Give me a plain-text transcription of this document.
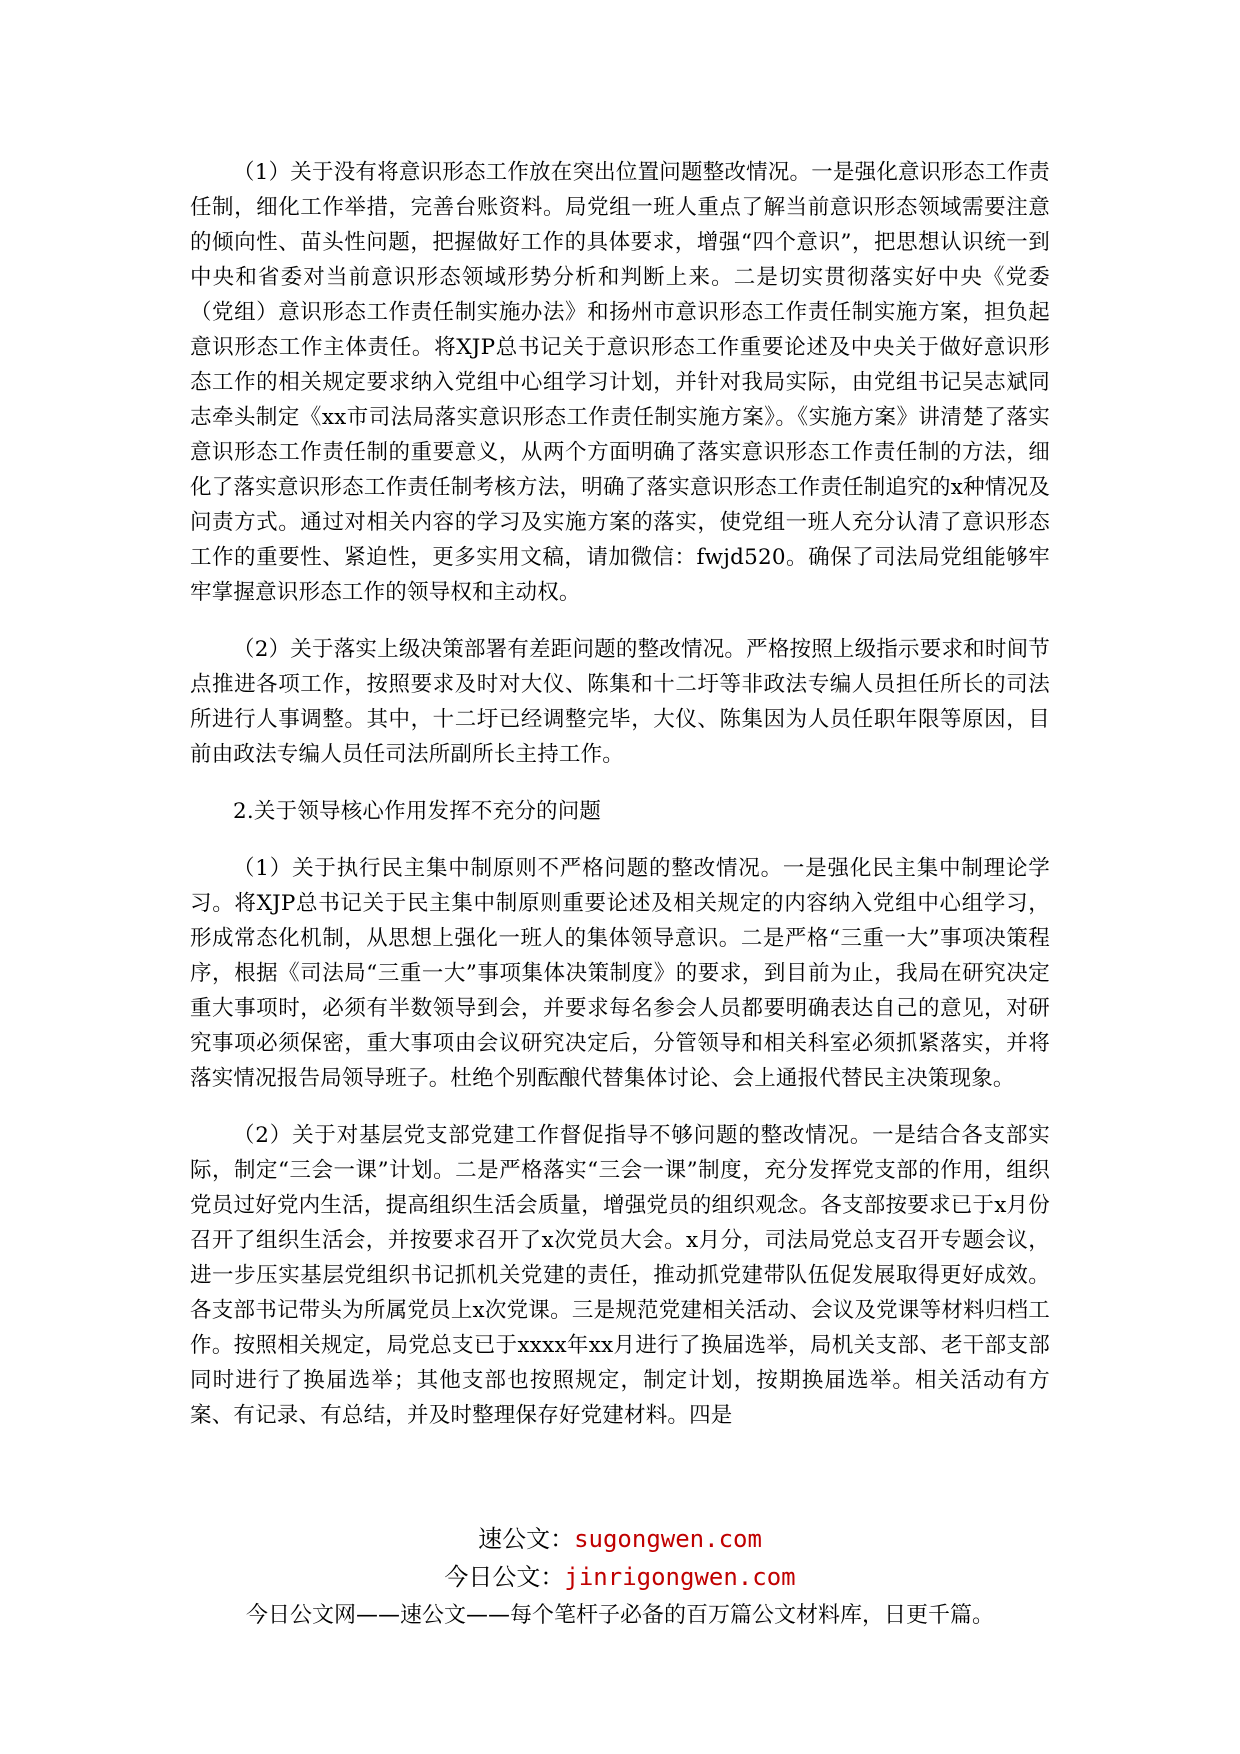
（1）关于没有将意识形态工作放在突出位置问题整改情况。一是强化意识形态工作责任制，细化工作举措，完善台账资料。局党组一班人重点了解当前意识形态领域需要注意的倾向性、苗头性问题，把握做好工作的具体要求，增强“四个意识”，把思想认识统一到中央和省委对当前意识形态领域形势分析和判断上来。二是切实贯彻落实好中央《党委（党组）意识形态工作责任制实施办法》和扬州市意识形态工作责任制实施方案，担负起意识形态工作主体责任。将XJP总书记关于意识形态工作重要论述及中央关于做好意识形态工作的相关规定要求纳入党组中心组学习计划，并针对我局实际，由党组书记吴志斌同志牵头制定《xx市司法局落实意识形态工作责任制实施方案》。《实施方案》讲清楚了落实意识形态工作责任制的重要意义，从两个方面明确了落实意识形态工作责任制的方法，细化了落实意识形态工作责任制考核方法，明确了落实意识形态工作责任制追究的x种情况及问责方式。通过对相关内容的学习及实施方案的落实，使党组一班人充分认清了意识形态工作的重要性、紧迫性，更多实用文稿，请加微信：fwjd520。确保了司法局党组能够牢牢掌握意识形态工作的领导权和主动权。

（2）关于落实上级决策部署有差距问题的整改情况。严格按照上级指示要求和时间节点推进各项工作，按照要求及时对大仪、陈集和十二圩等非政法专编人员担任所长的司法所进行人事调整。其中，十二圩已经调整完毕，大仪、陈集因为人员任职年限等原因，目前由政法专编人员任司法所副所长主持工作。

2.关于领导核心作用发挥不充分的问题

（1）关于执行民主集中制原则不严格问题的整改情况。一是强化民主集中制理论学习。将XJP总书记关于民主集中制原则重要论述及相关规定的内容纳入党组中心组学习，形成常态化机制，从思想上强化一班人的集体领导意识。二是严格“三重一大”事项决策程序，根据《司法局“三重一大”事项集体决策制度》的要求，到目前为止，我局在研究决定重大事项时，必须有半数领导到会，并要求每名参会人员都要明确表达自己的意见，对研究事项必须保密，重大事项由会议研究决定后，分管领导和相关科室必须抓紧落实，并将落实情况报告局领导班子。杜绝个别酝酿代替集体讨论、会上通报代替民主决策现象。

（2）关于对基层党支部党建工作督促指导不够问题的整改情况。一是结合各支部实际，制定“三会一课”计划。二是严格落实“三会一课”制度，充分发挥党支部的作用，组织党员过好党内生活，提高组织生活会质量，增强党员的组织观念。各支部按要求已于x月份召开了组织生活会，并按要求召开了x次党员大会。x月分，司法局党总支召开专题会议，进一步压实基层党组织书记抓机关党建的责任，推动抓党建带队伍促发展取得更好成效。各支部书记带头为所属党员上x次党课。三是规范党建相关活动、会议及党课等材料归档工作。按照相关规定，局党总支已于xxxx年xx月进行了换届选举，局机关支部、老干部支部同时进行了换届选举；其他支部也按照规定，制定计划，按期换届选举。相关活动有方案、有记录、有总结，并及时整理保存好党建材料。四是

速公文：sugongwen.com
今日公文：jinrigongwen.com
今日公文网——速公文——每个笔杆子必备的百万篇公文材料库，日更千篇。
